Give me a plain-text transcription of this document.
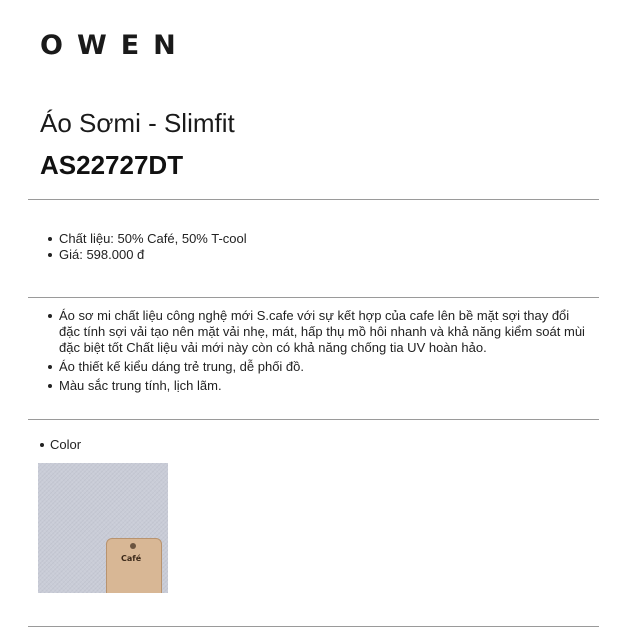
OWEN
Áo Sơmi - Slimfit
AS22727DT
Chất liệu: 50% Café, 50% T-cool
Giá: 598.000 đ
Áo sơ mi chất liệu công nghệ mới S.cafe với sự kết hợp của cafe lên bề mặt sợi thay đổi đặc tính sợi vải tạo nên mặt vải nhẹ, mát, hấp thụ mồ hôi nhanh và khả năng kiểm soát mùi đặc biệt tốt Chất liệu vải mới này còn có khả năng chống tia UV hoàn hảo.
Áo thiết kế kiểu dáng trẻ trung, dễ phối đồ.
Màu sắc trung tính, lịch lãm.
Color
Café
